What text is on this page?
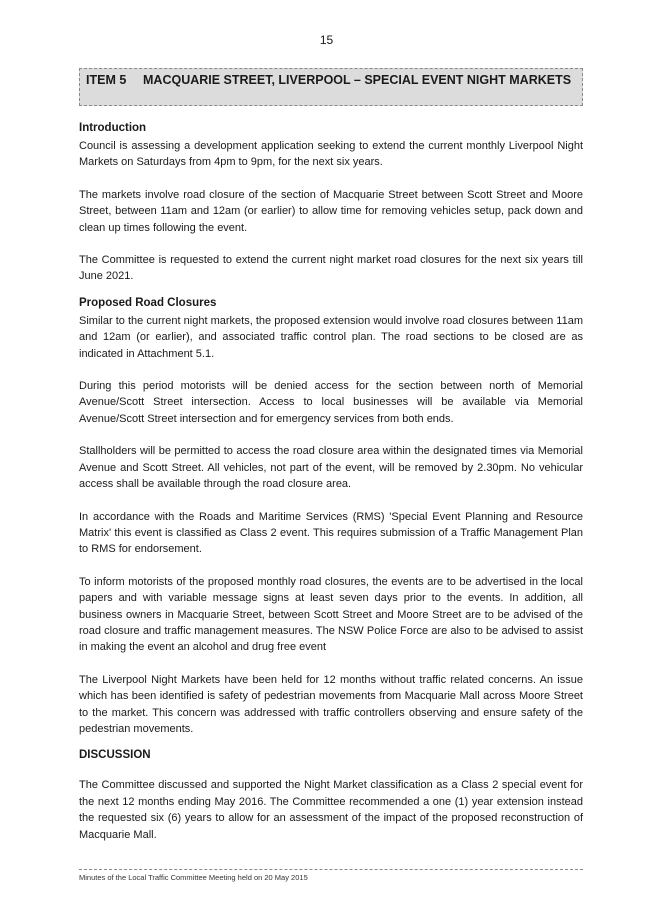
15
ITEM 5 MACQUARIE STREET, LIVERPOOL – SPECIAL EVENT NIGHT MARKETS
Introduction

Council is assessing a development application seeking to extend the current monthly Liverpool Night Markets on Saturdays from 4pm to 9pm, for the next six years.

The markets involve road closure of the section of Macquarie Street between Scott Street and Moore Street, between 11am and 12am (or earlier) to allow time for removing vehicles setup, pack down and clean up times following the event.

The Committee is requested to extend the current night market road closures for the next six years till June 2021.

Proposed Road Closures

Similar to the current night markets, the proposed extension would involve road closures between 11am and 12am (or earlier), and associated traffic control plan. The road sections to be closed are as indicated in Attachment 5.1.

During this period motorists will be denied access for the section between north of Memorial Avenue/Scott Street intersection. Access to local businesses will be available via Memorial Avenue/Scott Street intersection and for emergency services from both ends.

Stallholders will be permitted to access the road closure area within the designated times via Memorial Avenue and Scott Street. All vehicles, not part of the event, will be removed by 2.30pm. No vehicular access shall be available through the road closure area.

In accordance with the Roads and Maritime Services (RMS) 'Special Event Planning and Resource Matrix' this event is classified as Class 2 event. This requires submission of a Traffic Management Plan to RMS for endorsement.

To inform motorists of the proposed monthly road closures, the events are to be advertised in the local papers and with variable message signs at least seven days prior to the events. In addition, all business owners in Macquarie Street, between Scott Street and Moore Street are to be advised of the road closure and traffic management measures. The NSW Police Force are also to be advised to assist in making the event an alcohol and drug free event

The Liverpool Night Markets have been held for 12 months without traffic related concerns. An issue which has been identified is safety of pedestrian movements from Macquarie Mall across Moore Street to the market. This concern was addressed with traffic controllers observing and ensure safety of the pedestrian movements.

DISCUSSION

The Committee discussed and supported the Night Market classification as a Class 2 special event for the next 12 months ending May 2016. The Committee recommended a one (1) year extension instead the requested six (6) years to allow for an assessment of the impact of the proposed reconstruction of Macquarie Mall.

Minutes of the Local Traffic Committee Meeting held on 20 May 2015
